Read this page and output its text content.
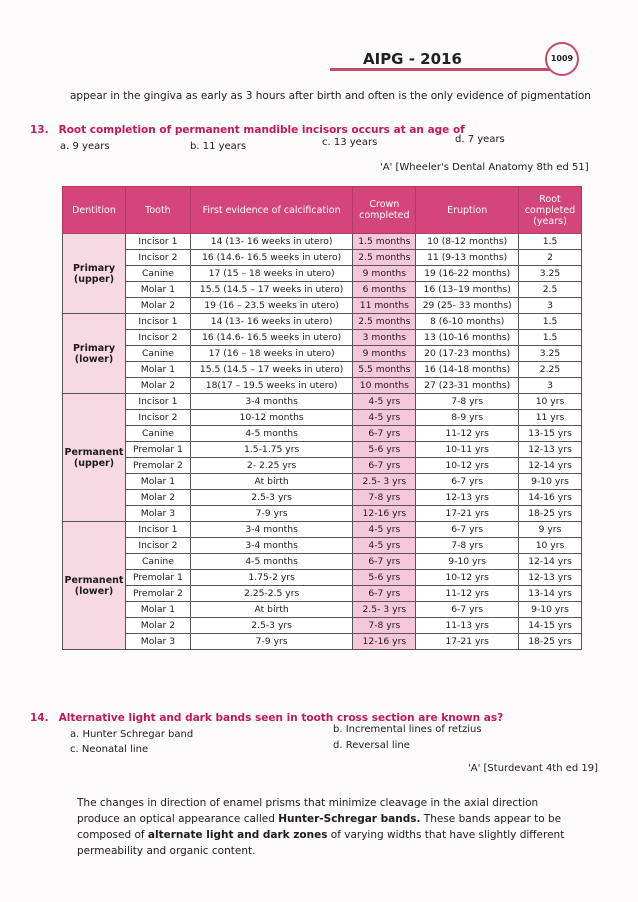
AIPG - 2016	1009
appear in the gingiva as early as 3 hours after birth and often is the only evidence of pigmentation
13. Root completion of permanent mandible incisors occurs at an age of
a. 9 years	b. 11 years	c. 13 years	d. 7 years
'A' [Wheeler's Dental Anatomy 8th ed 51]
Dentition	Tooth	First evidence of calcification	Crown completed	Eruption	Root completed (years)
Primary (upper)	Incisor 1	14 (13- 16 weeks in utero)	1.5 months	10 (8-12 months)	1.5
	Incisor 2	16 (14.6- 16.5 weeks in utero)	2.5 months	11 (9-13 months)	2
	Canine	17 (15 – 18 weeks in utero)	9 months	19 (16-22 months)	3.25
	Molar 1	15.5 (14.5 – 17 weeks in utero)	6 months	16 (13–19 months)	2.5
	Molar 2	19 (16 – 23.5 weeks in utero)	11 months	29 (25- 33 months)	3
Primary (lower)	Incisor 1	14 (13- 16 weeks in utero)	2.5 months	8 (6-10 months)	1.5
	Incisor 2	16 (14.6- 16.5 weeks in utero)	3 months	13 (10-16 months)	1.5
	Canine	17 (16 – 18 weeks in utero)	9 months	20 (17-23 months)	3.25
	Molar 1	15.5 (14.5 – 17 weeks in utero)	5.5 months	16 (14-18 months)	2.25
	Molar 2	18(17 – 19.5 weeks in utero)	10 months	27 (23-31 months)	3
Permanent (upper)	Incisor 1	3-4 months	4-5 yrs	7-8 yrs	10 yrs
	Incisor 2	10-12 months	4-5 yrs	8-9 yrs	11 yrs
	Canine	4-5 months	6-7 yrs	11-12 yrs	13-15 yrs
	Premolar 1	1.5-1.75 yrs	5-6 yrs	10-11 yrs	12-13 yrs
	Premolar 2	2- 2.25 yrs	6-7 yrs	10-12 yrs	12-14 yrs
	Molar 1	At birth	2.5- 3 yrs	6-7 yrs	9-10 yrs
	Molar 2	2.5-3 yrs	7-8 yrs	12-13 yrs	14-16 yrs
	Molar 3	7-9 yrs	12-16 yrs	17-21 yrs	18-25 yrs
Permanent (lower)	Incisor 1	3-4 months	4-5 yrs	6-7 yrs	9 yrs
	Incisor 2	3-4 months	4-5 yrs	7-8 yrs	10 yrs
	Canine	4-5 months	6-7 yrs	9-10 yrs	12-14 yrs
	Premolar 1	1.75-2 yrs	5-6 yrs	10-12 yrs	12-13 yrs
	Premolar 2	2.25-2.5 yrs	6-7 yrs	11-12 yrs	13-14 yrs
	Molar 1	At birth	2.5- 3 yrs	6-7 yrs	9-10 yrs
	Molar 2	2.5-3 yrs	7-8 yrs	11-13 yrs	14-15 yrs
	Molar 3	7-9 yrs	12-16 yrs	17-21 yrs	18-25 yrs
14. Alternative light and dark bands seen in tooth cross section are known as?
a. Hunter Schregar band	b. Incremental lines of retzius
c. Neonatal line	d. Reversal line
'A' [Sturdevant 4th ed 19]
The changes in direction of enamel prisms that minimize cleavage in the axial direction produce an optical appearance called Hunter-Schregar bands. These bands appear to be composed of alternate light and dark zones of varying widths that have slightly different permeability and organic content.
